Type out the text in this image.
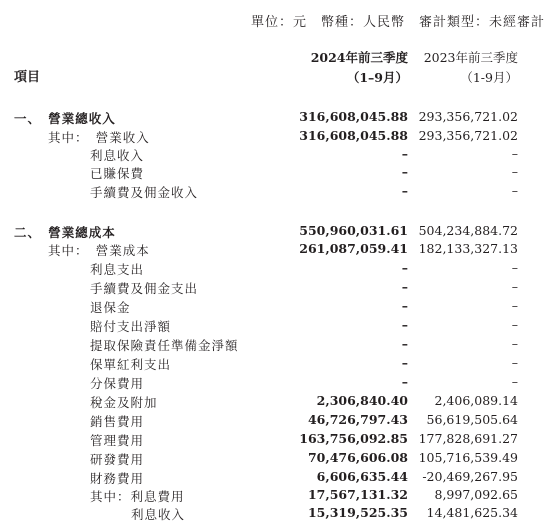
單位：元　幣種：人民幣　審計類型：未經審計
2024年前三季度
（1–9月）
2023年前三季度
（1-9月）
項目
一、　營業總收入	316,608,045.88 293,356,721.02
其中：　營業收入	316,608,045.88 293,356,721.02
利息收入	–	–
已賺保費	–	–
手續費及佣金收入	–	–
二、　營業總成本	550,960,031.61 504,234,884.72
其中：　營業成本	261,087,059.41 182,133,327.13
利息支出	–	–
手續費及佣金支出	–	–
退保金	–	–
賠付支出淨額	–	–
提取保險責任準備金淨額	–	–
保單紅利支出	–	–
分保費用	–	–
稅金及附加	2,306,840.40 2,406,089.14
銷售費用	46,726,797.43 56,619,505.64
管理費用	163,756,092.85 177,828,691.27
研發費用	70,476,606.08 105,716,539.49
財務費用	6,606,635.44 -20,469,267.95
其中：利息費用	17,567,131.32 8,997,092.65
利息收入	15,319,525.35 14,481,625.34
